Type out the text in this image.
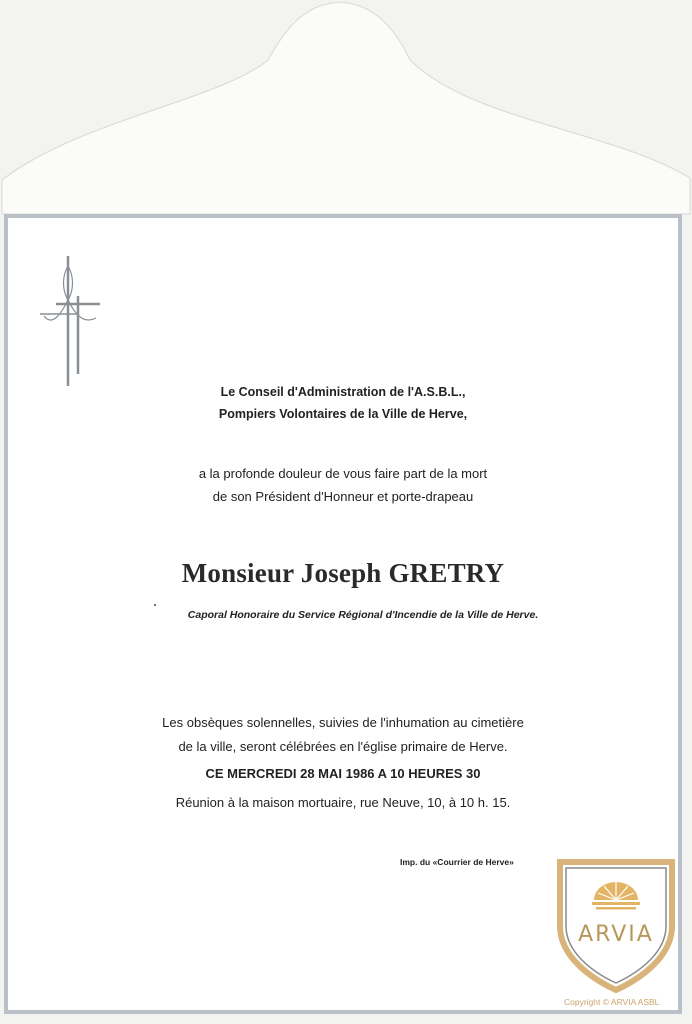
Le Conseil d'Administration de l'A.S.B.L.,
Pompiers Volontaires de la Ville de Herve,
a la profonde douleur de vous faire part de la mort
de son Président d'Honneur et porte-drapeau
Monsieur Joseph GRETRY
Caporal Honoraire du Service Régional d'Incendie de la Ville de Herve.
Les obsèques solennelles, suivies de l'inhumation au cimetière
de la ville, seront célébrées en l'église primaire de Herve.
CE MERCREDI 28 MAI 1986 A 10 HEURES 30
Réunion à la maison mortuaire, rue Neuve, 10, à 10 h. 15.
Imp. du «Courrier de Herve»
ARVIA
Copyright © ARVIA ASBL
